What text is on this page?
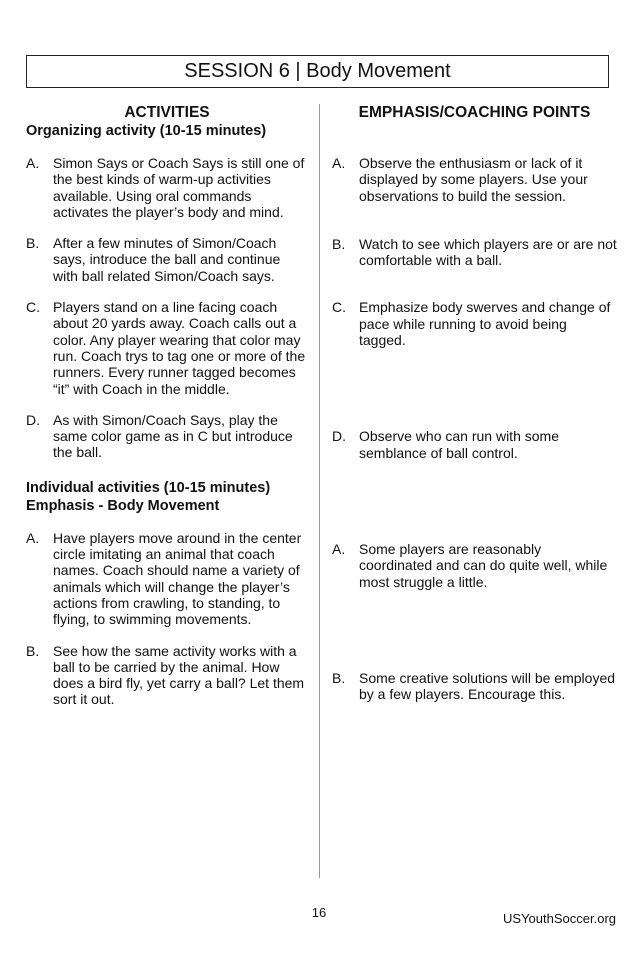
SESSION 6 | Body Movement

ACTIVITIES

Organizing activity (10-15 minutes)

A. Simon Says or Coach Says is still one of the best kinds of warm-up activities available. Using oral commands activates the player’s body and mind.

B. After a few minutes of Simon/Coach says, introduce the ball and continue with ball related Simon/Coach says.

C. Players stand on a line facing coach about 20 yards away. Coach calls out a color. Any player wearing that color may run. Coach trys to tag one or more of the runners. Every runner tagged becomes “it” with Coach in the middle.

D. As with Simon/Coach Says, play the same color game as in C but introduce the ball.

Individual activities (10-15 minutes)

Emphasis - Body Movement

A. Have players move around in the center circle imitating an animal that coach names. Coach should name a variety of animals which will change the player’s actions from crawling, to standing, to flying, to swimming movements.

B. See how the same activity works with a ball to be carried by the animal. How does a bird fly, yet carry a ball? Let them sort it out.

EMPHASIS/COACHING POINTS

A. Observe the enthusiasm or lack of it displayed by some players. Use your observations to build the session.

B. Watch to see which players are or are not comfortable with a ball.

C. Emphasize body swerves and change of pace while running to avoid being tagged.

D. Observe who can run with some semblance of ball control.

A. Some players are reasonably coordinated and can do quite well, while most struggle a little.

B. Some creative solutions will be employed by a few players. Encourage this.

16	USYouthSoccer.org
